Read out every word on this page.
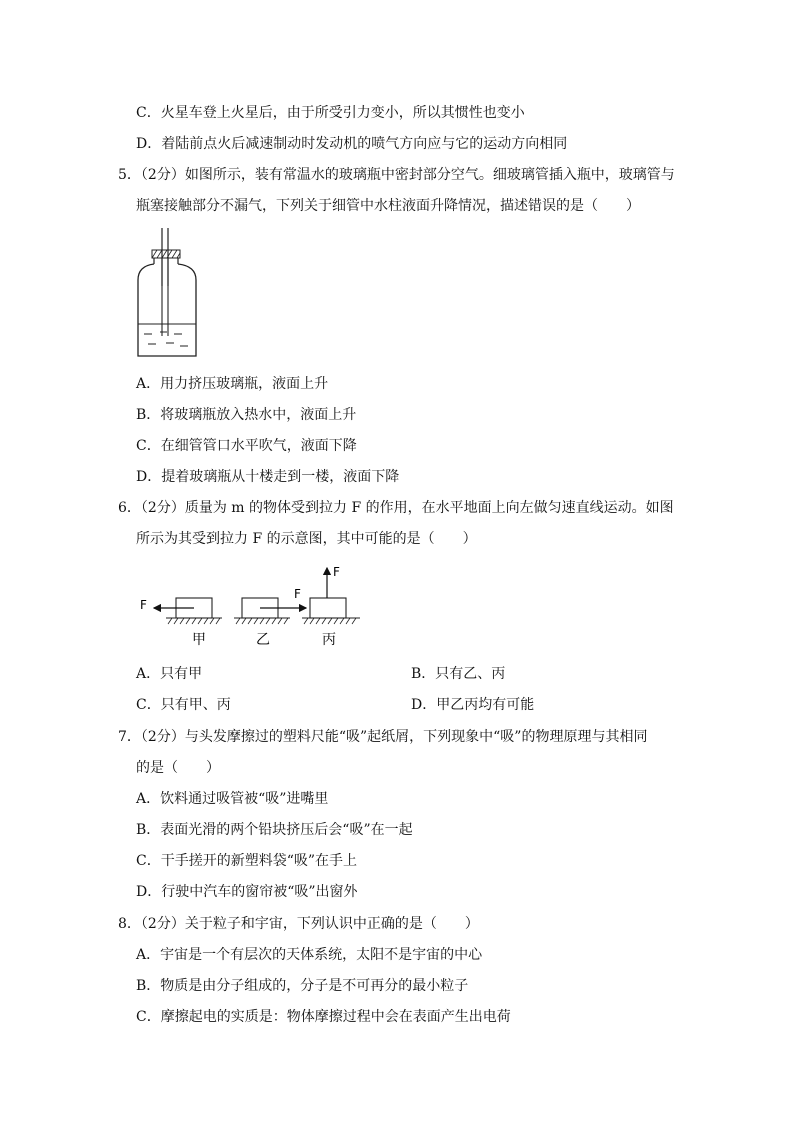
C．火星车登上火星后，由于所受引力变小，所以其惯性也变小
D．着陆前点火后减速制动时发动机的喷气方向应与它的运动方向相同
5．（2分）如图所示，装有常温水的玻璃瓶中密封部分空气。细玻璃管插入瓶中，玻璃管与
瓶塞接触部分不漏气，下列关于细管中水柱液面升降情况，描述错误的是（　　）
A．用力挤压玻璃瓶，液面上升
B．将玻璃瓶放入热水中，液面上升
C．在细管管口水平吹气，液面下降
D．提着玻璃瓶从十楼走到一楼，液面下降
6．（2分）质量为 m 的物体受到拉力 F 的作用，在水平地面上向左做匀速直线运动。如图
所示为其受到拉力 F 的示意图，其中可能的是（　　）
F
甲
F
乙
F
丙
A．只有甲	B．只有乙、丙
C．只有甲、丙	D．甲乙丙均有可能
7．（2分）与头发摩擦过的塑料尺能“吸”起纸屑，下列现象中“吸”的物理原理与其相同
的是（　　）
A．饮料通过吸管被“吸”进嘴里
B．表面光滑的两个铅块挤压后会“吸”在一起
C．干手搓开的新塑料袋“吸”在手上
D．行驶中汽车的窗帘被“吸”出窗外
8．（2分）关于粒子和宇宙，下列认识中正确的是（　　）
A．宇宙是一个有层次的天体系统，太阳不是宇宙的中心
B．物质是由分子组成的，分子是不可再分的最小粒子
C．摩擦起电的实质是：物体摩擦过程中会在表面产生出电荷
